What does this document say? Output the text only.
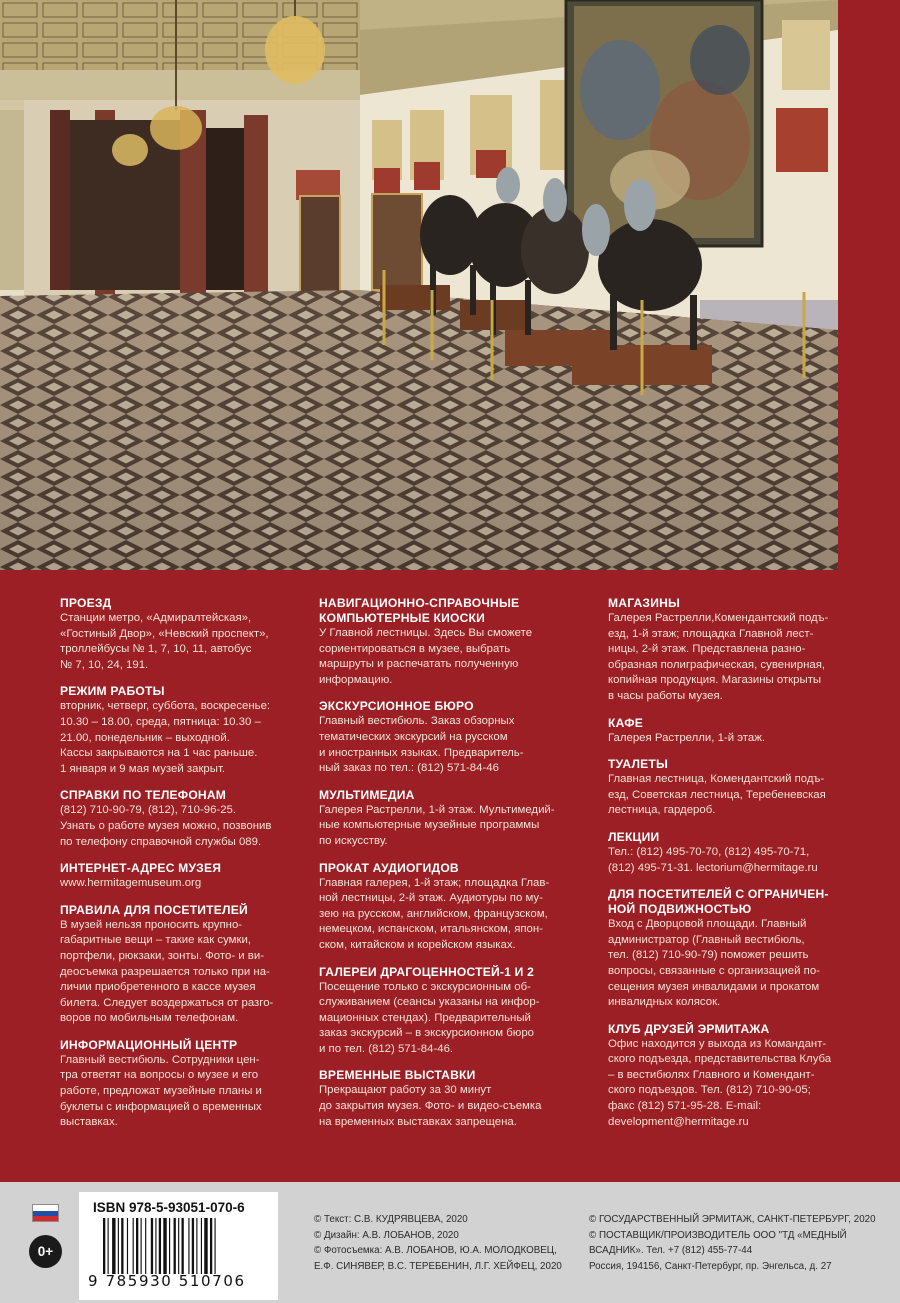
ПРОЕЗД

Станции метро, «Адмиралтейская»,
«Гостиный Двор», «Невский проспект»,
троллейбусы № 1, 7, 10, 11, автобус
№ 7, 10, 24, 191.

РЕЖИМ РАБОТЫ

вторник, четверг, суббота, воскресенье:
10.30 – 18.00, среда, пятница: 10.30 –
21.00, понедельник – выходной.
Кассы закрываются на 1 час раньше.
1 января и 9 мая музей закрыт.

СПРАВКИ ПО ТЕЛЕФОНАМ

(812) 710-90-79, (812), 710-96-25.
Узнать о работе музея можно, позвонив
по телефону справочной службы 089.

ИНТЕРНЕТ-АДРЕС МУЗЕЯ

www.hermitagemuseum.org

ПРАВИЛА ДЛЯ ПОСЕТИТЕЛЕЙ

В музей нельзя проносить крупно-
габаритные вещи – такие как сумки,
портфели, рюкзаки, зонты. Фото- и ви-
деосъемка разрешается только при на-
личии приобретенного в кассе музея
билета. Следует воздержаться от разго-
воров по мобильным телефонам.

ИНФОРМАЦИОННЫЙ ЦЕНТР

Главный вестибюль. Сотрудники цен-
тра ответят на вопросы о музее и его
работе, предложат музейные планы и
буклеты с информацией о временных
выставках.

НАВИГАЦИОННО-СПРАВОЧНЫЕ
КОМПЬЮТЕРНЫЕ КИОСКИ

У Главной лестницы. Здесь Вы сможете
сориентироваться в музее, выбрать
маршруты и распечатать полученную
информацию.

ЭКСКУРСИОННОЕ БЮРО

Главный вестибюль. Заказ обзорных
тематических экскурсий на русском
и иностранных языках. Предваритель-
ный заказ по тел.: (812) 571-84-46

МУЛЬТИМЕДИА

Галерея Растрелли, 1-й этаж. Мультимедий-
ные компьютерные музейные программы
по искусству.

ПРОКАТ АУДИОГИДОВ

Главная галерея, 1-й этаж; площадка Глав-
ной лестницы, 2-й этаж. Аудиотуры по му-
зею на русском, английском, французском,
немецком, испанском, итальянском, япон-
ском, китайском и корейском языках.

ГАЛЕРЕИ ДРАГОЦЕННОСТЕЙ-1 И 2

Посещение только с экскурсионным об-
служиванием (сеансы указаны на инфор-
мационных стендах). Предварительный
заказ экскурсий – в экскурсионном бюро
и по тел. (812) 571-84-46.

ВРЕМЕННЫЕ ВЫСТАВКИ

Прекращают работу за 30 минут
до закрытия музея. Фото- и видео-съемка
на временных выставках запрещена.

МАГАЗИНЫ

Галерея Растрелли,Комендантский подъ-
езд, 1-й этаж; площадка Главной лест-
ницы, 2-й этаж. Представлена разно-
образная полиграфическая, сувенирная,
копийная продукция. Магазины открыты
в часы работы музея.

КАФЕ

Галерея Растрелли, 1-й этаж.

ТУАЛЕТЫ

Главная лестница, Комендантский подъ-
езд, Советская лестница, Теребеневская
лестница, гардероб.

ЛЕКЦИИ

Тел.: (812) 495-70-70, (812) 495-70-71,
(812) 495-71-31. lectorium@hermitage.ru

ДЛЯ ПОСЕТИТЕЛЕЙ С ОГРАНИЧЕН-
НОЙ ПОДВИЖНОСТЬЮ

Вход с Дворцовой площади. Главный
администратор (Главный вестибюль,
тел. (812) 710-90-79) поможет решить
вопросы, связанные с организацией по-
сещения музея инвалидами и прокатом
инвалидных колясок.

КЛУБ ДРУЗЕЙ ЭРМИТАЖА

Офис находится у выхода из Командант-
ского подъезда, представительства Клуба
– в вестибюлях Главного и Комендант-
ского подъездов. Тел. (812) 710-90-05;
факс (812) 571-95-28. E-mail:
development@hermitage.ru

0+
ISBN 978-5-93051-070-6
9 785930 510706
© Текст: С.В. КУДРЯВЦЕВА, 2020
© Дизайн: А.В. ЛОБАНОВ, 2020
© Фотосъемка: А.В. ЛОБАНОВ, Ю.А. МОЛОДКОВЕЦ,
Е.Ф. СИНЯВЕР, В.С. ТЕРЕБЕНИН, Л.Г. ХЕЙФЕЦ, 2020
© ГОСУДАРСТВЕННЫЙ ЭРМИТАЖ, САНКТ-ПЕТЕРБУРГ, 2020
© ПОСТАВЩИК/ПРОИЗВОДИТЕЛЬ ООО "ТД «МЕДНЫЙ
ВСАДНИК». Тел. +7 (812) 455-77-44
Россия, 194156, Санкт-Петербург, пр. Энгельса, д. 27
